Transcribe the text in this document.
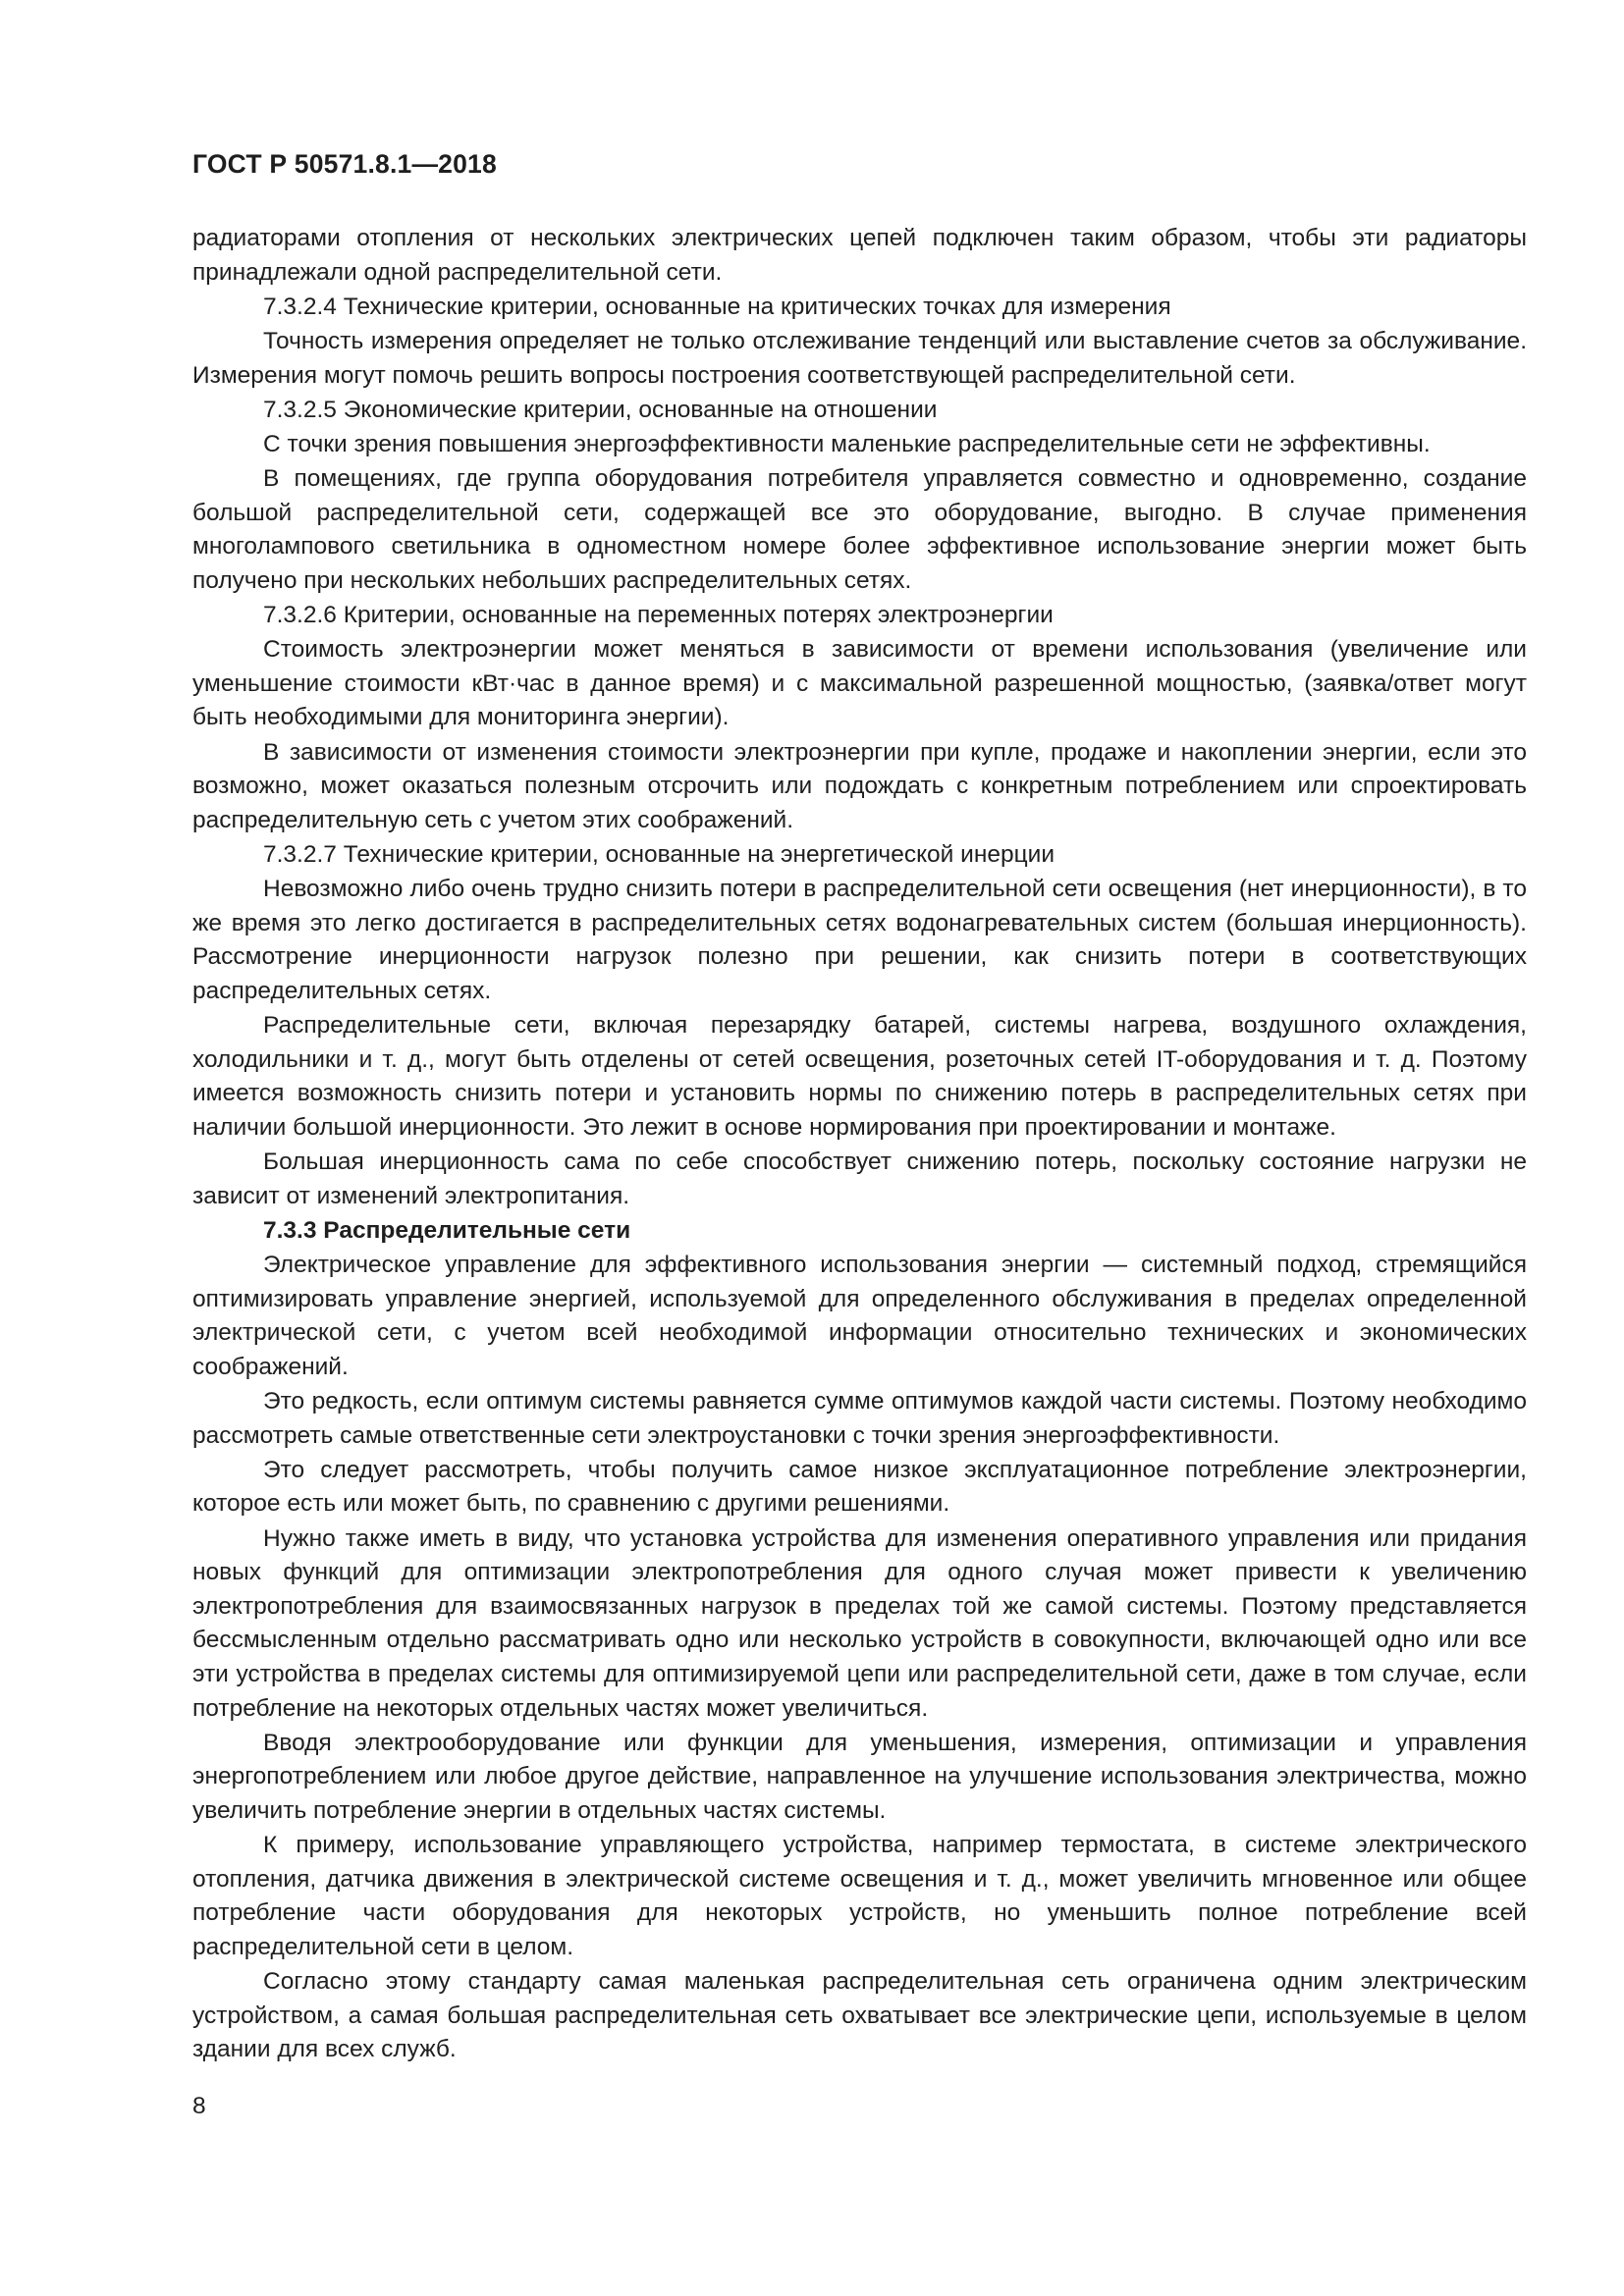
ГОСТ Р 50571.8.1—2018

радиаторами отопления от нескольких электрических цепей подключен таким образом, чтобы эти радиаторы принадлежали одной распределительной сети.

7.3.2.4 Технические критерии, основанные на критических точках для измерения

Точность измерения определяет не только отслеживание тенденций или выставление счетов за обслуживание. Измерения могут помочь решить вопросы построения соответствующей распределительной сети.

7.3.2.5 Экономические критерии, основанные на отношении

С точки зрения повышения энергоэффективности маленькие распределительные сети не эффективны.

В помещениях, где группа оборудования потребителя управляется совместно и одновременно, создание большой распределительной сети, содержащей все это оборудование, выгодно. В случае применения многолампового светильника в одноместном номере более эффективное использование энергии может быть получено при нескольких небольших распределительных сетях.

7.3.2.6 Критерии, основанные на переменных потерях электроэнергии

Стоимость электроэнергии может меняться в зависимости от времени использования (увеличение или уменьшение стоимости кВт·час в данное время) и с максимальной разрешенной мощностью, (заявка/ответ могут быть необходимыми для мониторинга энергии).

В зависимости от изменения стоимости электроэнергии при купле, продаже и накоплении энергии, если это возможно, может оказаться полезным отсрочить или подождать с конкретным потреблением или спроектировать распределительную сеть с учетом этих соображений.

7.3.2.7 Технические критерии, основанные на энергетической инерции

Невозможно либо очень трудно снизить потери в распределительной сети освещения (нет инерционности), в то же время это легко достигается в распределительных сетях водонагревательных систем (большая инерционность). Рассмотрение инерционности нагрузок полезно при решении, как снизить потери в соответствующих распределительных сетях.

Распределительные сети, включая перезарядку батарей, системы нагрева, воздушного охлаждения, холодильники и т. д., могут быть отделены от сетей освещения, розеточных сетей IT-оборудования и т. д. Поэтому имеется возможность снизить потери и установить нормы по снижению потерь в распределительных сетях при наличии большой инерционности. Это лежит в основе нормирования при проектировании и монтаже.

Большая инерционность сама по себе способствует снижению потерь, поскольку состояние нагрузки не зависит от изменений электропитания.

7.3.3 Распределительные сети

Электрическое управление для эффективного использования энергии — системный подход, стремящийся оптимизировать управление энергией, используемой для определенного обслуживания в пределах определенной электрической сети, с учетом всей необходимой информации относительно технических и экономических соображений.

Это редкость, если оптимум системы равняется сумме оптимумов каждой части системы. Поэтому необходимо рассмотреть самые ответственные сети электроустановки с точки зрения энергоэффективности.

Это следует рассмотреть, чтобы получить самое низкое эксплуатационное потребление электроэнергии, которое есть или может быть, по сравнению с другими решениями.

Нужно также иметь в виду, что установка устройства для изменения оперативного управления или придания новых функций для оптимизации электропотребления для одного случая может привести к увеличению электропотребления для взаимосвязанных нагрузок в пределах той же самой системы. Поэтому представляется бессмысленным отдельно рассматривать одно или несколько устройств в совокупности, включающей одно или все эти устройства в пределах системы для оптимизируемой цепи или распределительной сети, даже в том случае, если потребление на некоторых отдельных частях может увеличиться.

Вводя электрооборудование или функции для уменьшения, измерения, оптимизации и управления энергопотреблением или любое другое действие, направленное на улучшение использования электричества, можно увеличить потребление энергии в отдельных частях системы.

К примеру, использование управляющего устройства, например термостата, в системе электрического отопления, датчика движения в электрической системе освещения и т. д., может увеличить мгновенное или общее потребление части оборудования для некоторых устройств, но уменьшить полное потребление всей распределительной сети в целом.

Согласно этому стандарту самая маленькая распределительная сеть ограничена одним электрическим устройством, а самая большая распределительная сеть охватывает все электрические цепи, используемые в целом здании для всех служб.

8
